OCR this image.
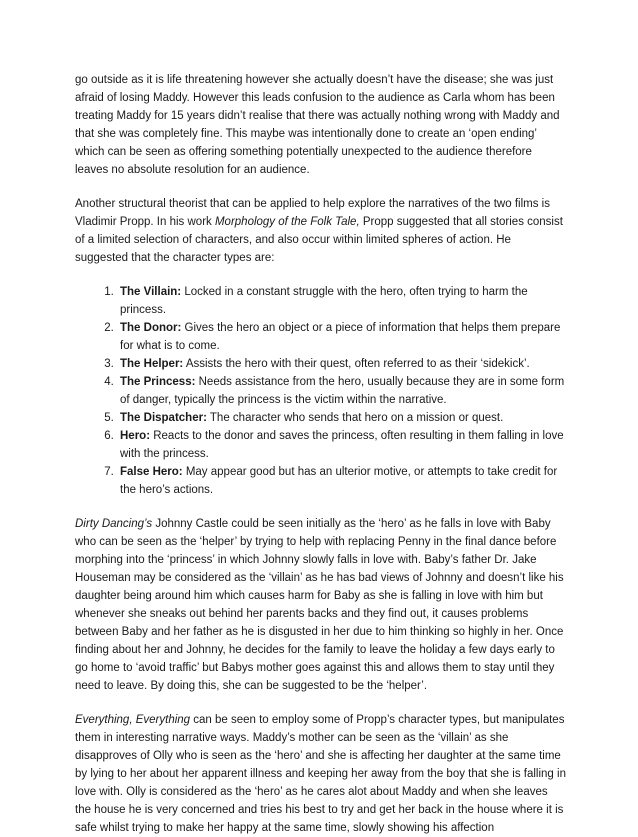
go outside as it is life threatening however she actually doesn’t have the disease; she was just afraid of losing Maddy. However this leads confusion to the audience as Carla whom has been treating Maddy for 15 years didn’t realise that there was actually nothing wrong with Maddy and that she was completely fine. This maybe was intentionally done to create an ‘open ending’ which can be seen as offering something potentially unexpected to the audience therefore leaves no absolute resolution for an audience.

Another structural theorist that can be applied to help explore the narratives of the two films is Vladimir Propp. In his work Morphology of the Folk Tale, Propp suggested that all stories consist of a limited selection of characters, and also occur within limited spheres of action. He suggested that the character types are:

1. The Villain: Locked in a constant struggle with the hero, often trying to harm the princess.
2. The Donor: Gives the hero an object or a piece of information that helps them prepare for what is to come.
3. The Helper: Assists the hero with their quest, often referred to as their ‘sidekick’.
4. The Princess: Needs assistance from the hero, usually because they are in some form of danger, typically the princess is the victim within the narrative.
5. The Dispatcher: The character who sends that hero on a mission or quest.
6. Hero: Reacts to the donor and saves the princess, often resulting in them falling in love with the princess.
7. False Hero: May appear good but has an ulterior motive, or attempts to take credit for the hero’s actions.

Dirty Dancing’s Johnny Castle could be seen initially as the ‘hero’ as he falls in love with Baby who can be seen as the ‘helper’ by trying to help with replacing Penny in the final dance before morphing into the ‘princess’ in which Johnny slowly falls in love with. Baby’s father Dr. Jake Houseman may be considered as the ‘villain’ as he has bad views of Johnny and doesn’t like his daughter being around him which causes harm for Baby as she is falling in love with him but whenever she sneaks out behind her parents backs and they find out, it causes problems between Baby and her father as he is disgusted in her due to him thinking so highly in her. Once finding about her and Johnny, he decides for the family to leave the holiday a few days early to go home to ‘avoid traffic’ but Babys mother goes against this and allows them to stay until they need to leave. By doing this, she can be suggested to be the ‘helper’.

Everything, Everything can be seen to employ some of Propp’s character types, but manipulates them in interesting narrative ways. Maddy’s mother can be seen as the ‘villain’ as she disapproves of Olly who is seen as the ‘hero’ and she is affecting her daughter at the same time by lying to her about her apparent illness and keeping her away from the boy that she is falling in love with. Olly is considered as the ‘hero’ as he cares alot about Maddy and when she leaves the house he is very concerned and tries his best to try and get her back in the house where it is safe whilst trying to make her happy at the same time, slowly showing his affection
